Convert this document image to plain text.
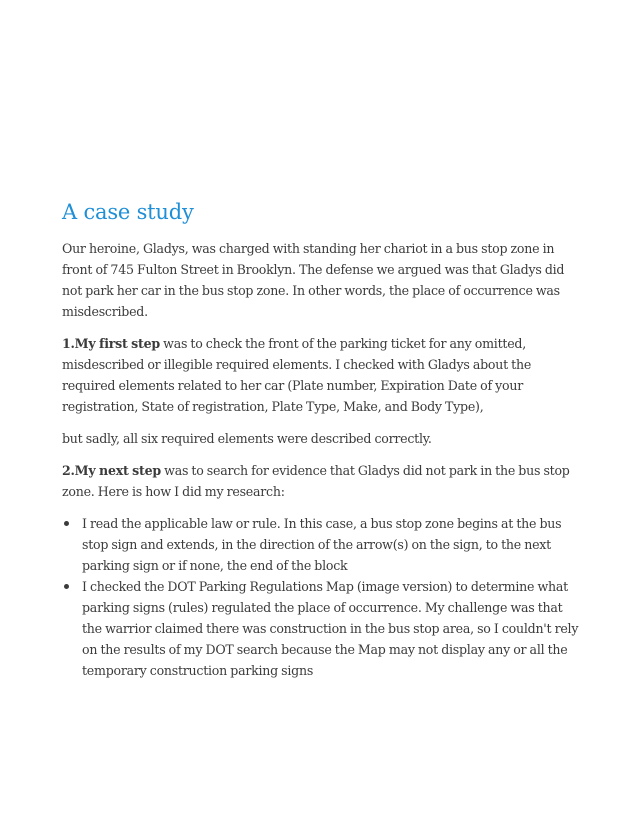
A case study

Our heroine, Gladys, was charged with standing her chariot in a bus stop zone in front of 745 Fulton Street in Brooklyn. The defense we argued was that Gladys did not park her car in the bus stop zone. In other words, the place of occurrence was misdescribed.

1.My first step was to check the front of the parking ticket for any omitted, misdescribed or illegible required elements. I checked with Gladys about the required elements related to her car (Plate number, Expiration Date of your registration, State of registration, Plate Type, Make, and Body Type),

but sadly, all six required elements were described correctly.

2.My next step was to search for evidence that Gladys did not park in the bus stop zone. Here is how I did my research:

I read the applicable law or rule. In this case, a bus stop zone begins at the bus stop sign and extends, in the direction of the arrow(s) on the sign, to the next parking sign or if none, the end of the block
I checked the DOT Parking Regulations Map (image version) to determine what parking signs (rules) regulated the place of occurrence. My challenge was that the warrior claimed there was construction in the bus stop area, so I couldn't rely on the results of my DOT search because the Map may not display any or all the temporary construction parking signs
